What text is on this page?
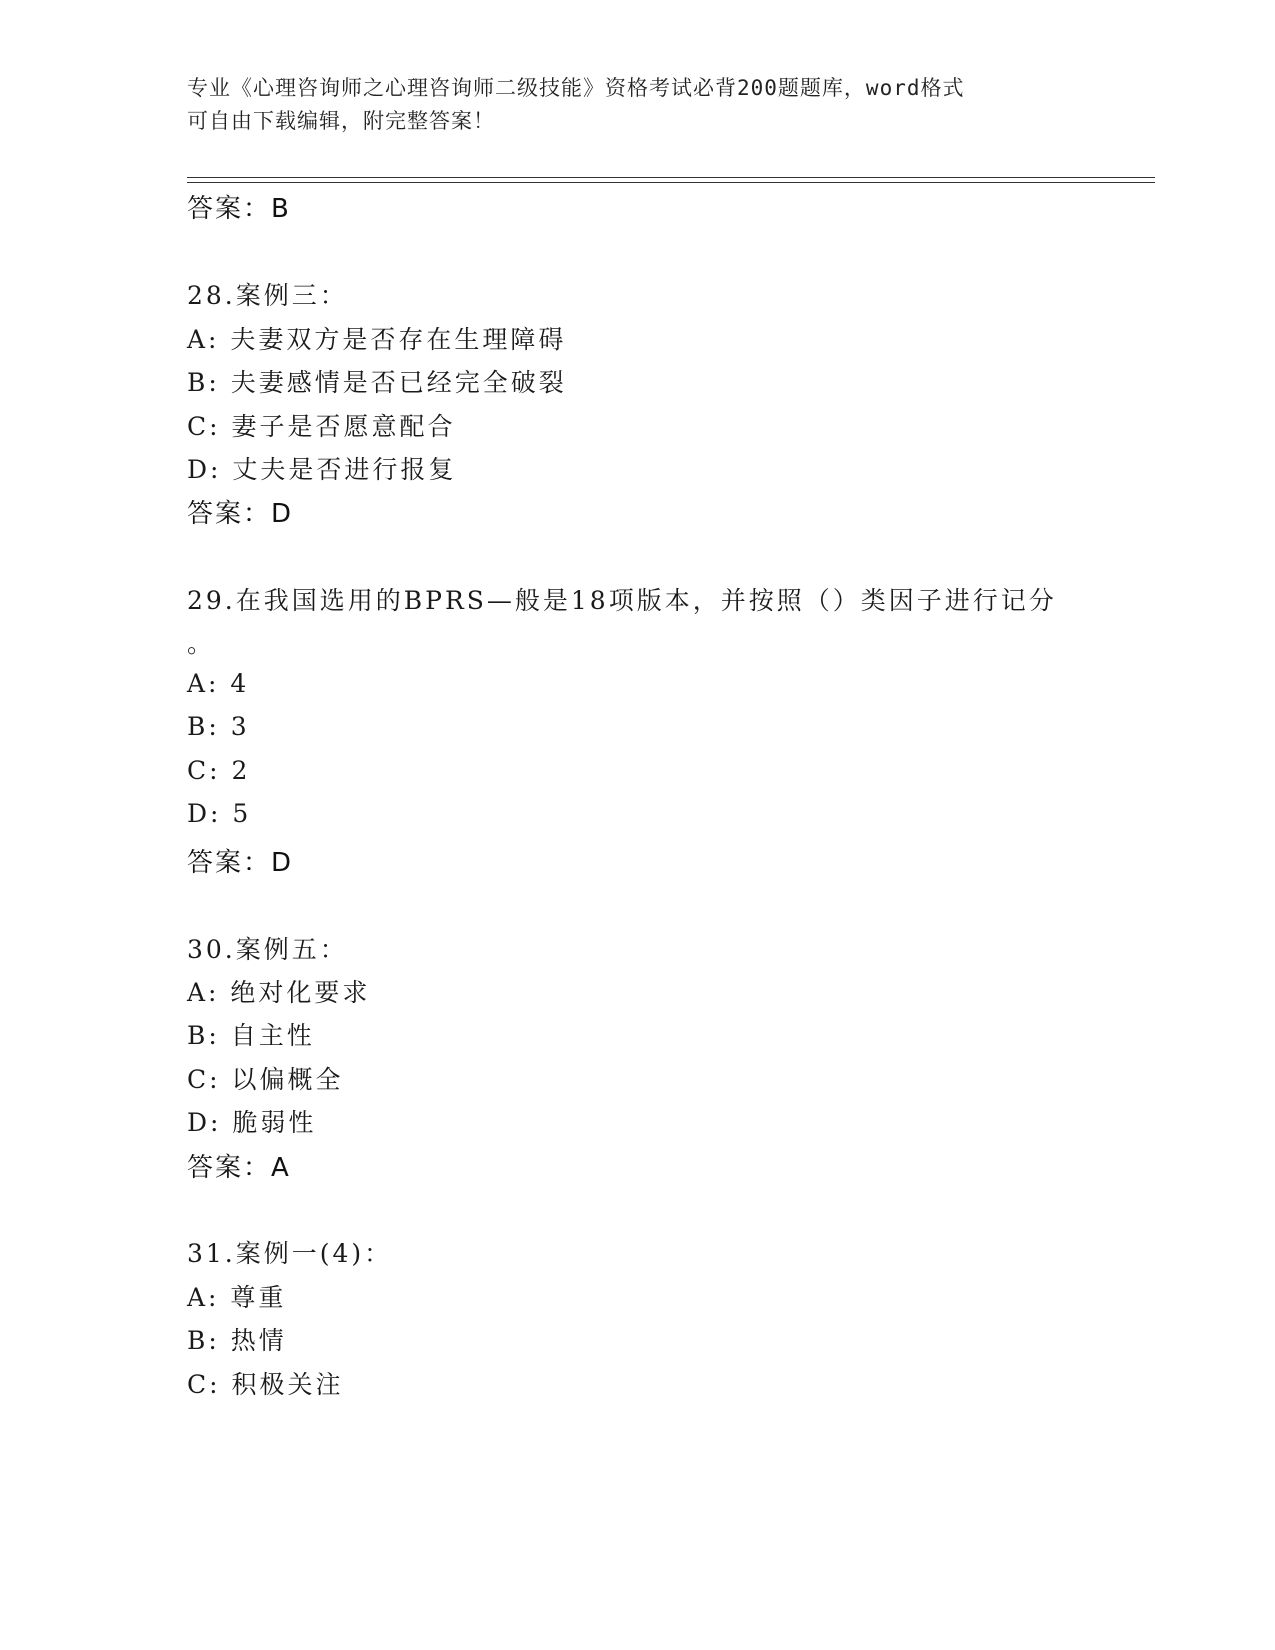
专业《心理咨询师之心理咨询师二级技能》资格考试必背200题题库，word格式
可自由下载编辑，附完整答案！
答案：B
28.案例三：
A: 夫妻双方是否存在生理障碍
B: 夫妻感情是否已经完全破裂
C: 妻子是否愿意配合
D: 丈夫是否进行报复
答案：D
29.在我国选用的BPRS—般是18项版本，并按照（）类因子进行记分
。
A: 4
B: 3
C: 2
D: 5
答案：D
30.案例五：
A: 绝对化要求
B: 自主性
C: 以偏概全
D: 脆弱性
答案：A
31.案例一(4)：
A: 尊重
B: 热情
C: 积极关注
